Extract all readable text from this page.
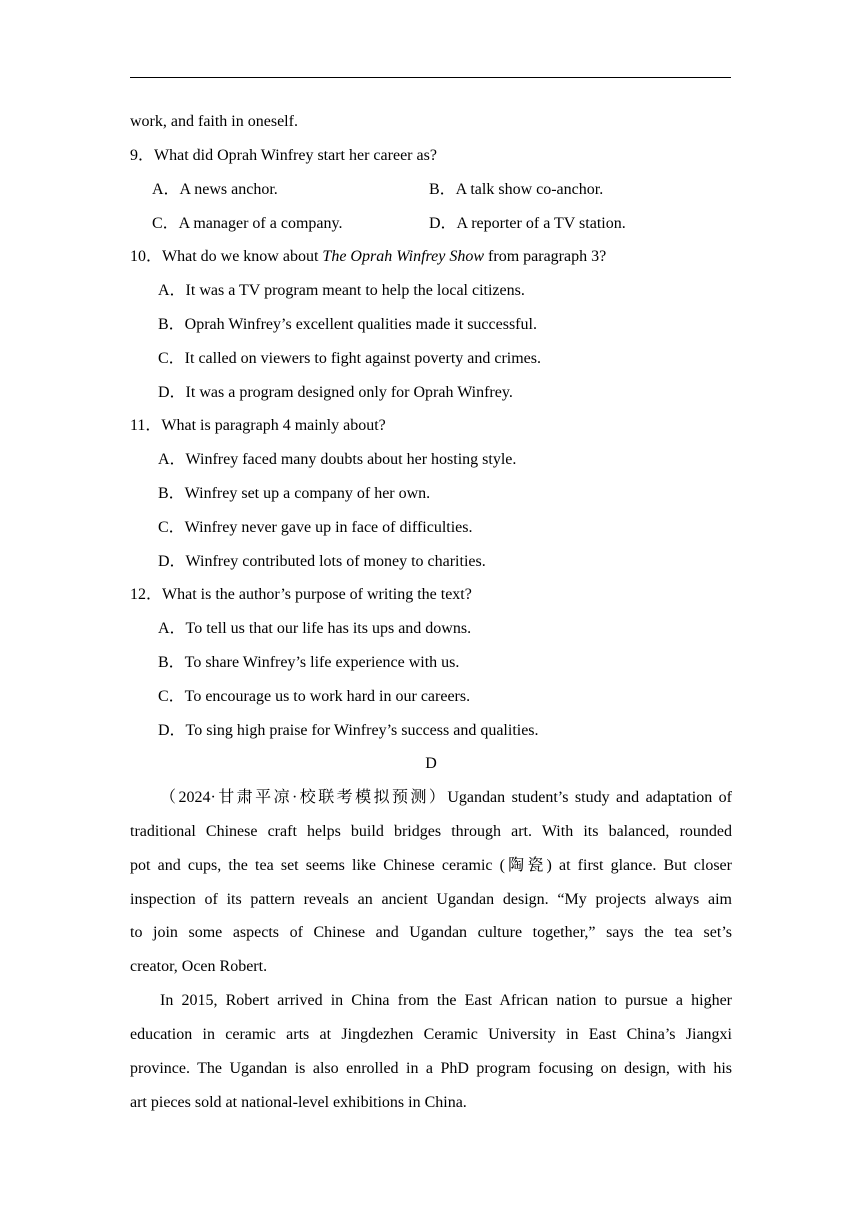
work, and faith in oneself.
9．What did Oprah Winfrey start her career as?
A．A news anchor.	B．A talk show co-anchor.
C．A manager of a company.	D．A reporter of a TV station.
10．What do we know about The Oprah Winfrey Show from paragraph 3?
A．It was a TV program meant to help the local citizens.
B．Oprah Winfrey’s excellent qualities made it successful.
C．It called on viewers to fight against poverty and crimes.
D．It was a program designed only for Oprah Winfrey.
11．What is paragraph 4 mainly about?
A．Winfrey faced many doubts about her hosting style.
B．Winfrey set up a company of her own.
C．Winfrey never gave up in face of difficulties.
D．Winfrey contributed lots of money to charities.
12．What is the author’s purpose of writing the text?
A．To tell us that our life has its ups and downs.
B．To share Winfrey’s life experience with us.
C．To encourage us to work hard in our careers.
D．To sing high praise for Winfrey’s success and qualities.
D
（2024·甘肃平凉·校联考模拟预测）Ugandan student’s study and adaptation of
traditional Chinese craft helps build bridges through art. With its balanced, rounded
pot and cups, the tea set seems like Chinese ceramic (陶瓷) at first glance. But closer
inspection of its pattern reveals an ancient Ugandan design. “My projects always aim
to join some aspects of Chinese and Ugandan culture together,” says the tea set’s
creator, Ocen Robert.
In 2015, Robert arrived in China from the East African nation to pursue a higher
education in ceramic arts at Jingdezhen Ceramic University in East China’s Jiangxi
province. The Ugandan is also enrolled in a PhD program focusing on design, with his
art pieces sold at national-level exhibitions in China.
